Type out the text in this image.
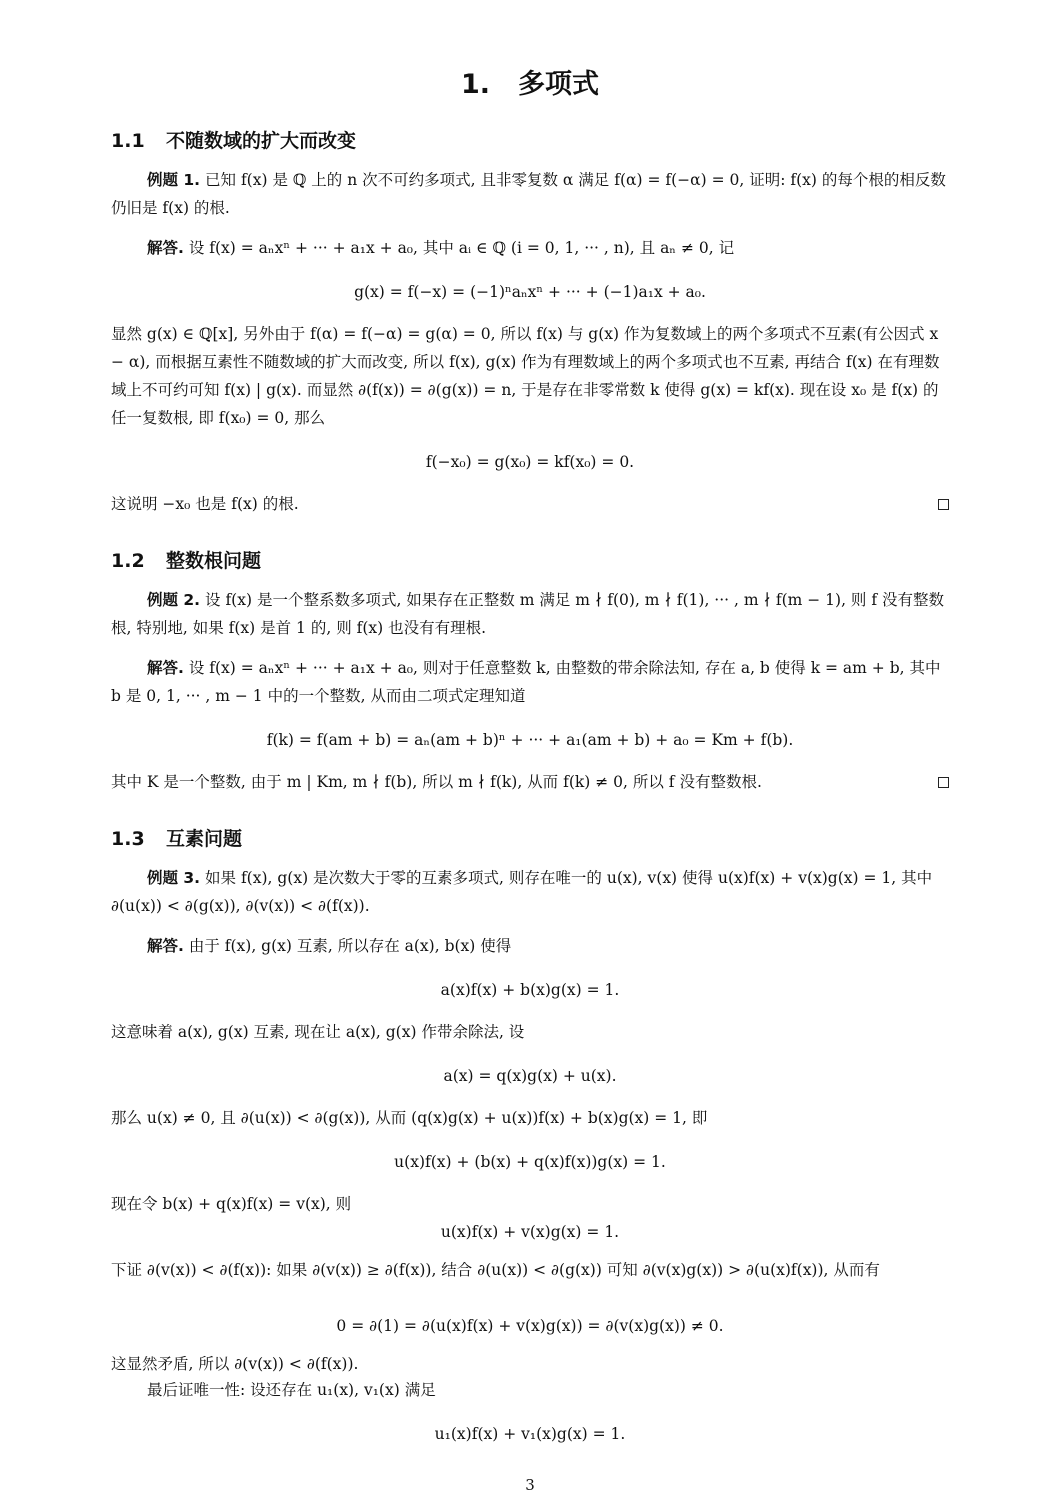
1. 多项式
1.1 不随数域的扩大而改变
例题 1. 已知 f(x) 是 ℚ 上的 n 次不可约多项式, 且非零复数 α 满足 f(α) = f(−α) = 0, 证明: f(x) 的每个根的相反数仍旧是 f(x) 的根.
解答. 设 f(x) = aₙxⁿ + ··· + a₁x + a₀, 其中 aᵢ ∈ ℚ (i = 0, 1, ··· , n), 且 aₙ ≠ 0, 记
g(x) = f(−x) = (−1)ⁿaₙxⁿ + ··· + (−1)a₁x + a₀.
显然 g(x) ∈ ℚ[x], 另外由于 f(α) = f(−α) = g(α) = 0, 所以 f(x) 与 g(x) 作为复数域上的两个多项式不互素(有公因式 x − α), 而根据互素性不随数域的扩大而改变, 所以 f(x), g(x) 作为有理数域上的两个多项式也不互素, 再结合 f(x) 在有理数域上不可约可知 f(x) | g(x). 而显然 ∂(f(x)) = ∂(g(x)) = n, 于是存在非零常数 k 使得 g(x) = kf(x). 现在设 x₀ 是 f(x) 的任一复数根, 即 f(x₀) = 0, 那么
f(−x₀) = g(x₀) = kf(x₀) = 0.
这说明 −x₀ 也是 f(x) 的根.
1.2 整数根问题
例题 2. 设 f(x) 是一个整系数多项式, 如果存在正整数 m 满足 m ∤ f(0), m ∤ f(1), ··· , m ∤ f(m − 1), 则 f 没有整数根, 特别地, 如果 f(x) 是首 1 的, 则 f(x) 也没有有理根.
解答. 设 f(x) = aₙxⁿ + ··· + a₁x + a₀, 则对于任意整数 k, 由整数的带余除法知, 存在 a, b 使得 k = am + b, 其中 b 是 0, 1, ··· , m − 1 中的一个整数, 从而由二项式定理知道
f(k) = f(am + b) = aₙ(am + b)ⁿ + ··· + a₁(am + b) + a₀ = Km + f(b).
其中 K 是一个整数, 由于 m | Km, m ∤ f(b), 所以 m ∤ f(k), 从而 f(k) ≠ 0, 所以 f 没有整数根.
1.3 互素问题
例题 3. 如果 f(x), g(x) 是次数大于零的互素多项式, 则存在唯一的 u(x), v(x) 使得 u(x)f(x) + v(x)g(x) = 1, 其中 ∂(u(x)) < ∂(g(x)), ∂(v(x)) < ∂(f(x)).
解答. 由于 f(x), g(x) 互素, 所以存在 a(x), b(x) 使得
a(x)f(x) + b(x)g(x) = 1.
这意味着 a(x), g(x) 互素, 现在让 a(x), g(x) 作带余除法, 设
a(x) = q(x)g(x) + u(x).
那么 u(x) ≠ 0, 且 ∂(u(x)) < ∂(g(x)), 从而 (q(x)g(x) + u(x))f(x) + b(x)g(x) = 1, 即
u(x)f(x) + (b(x) + q(x)f(x))g(x) = 1.
现在令 b(x) + q(x)f(x) = v(x), 则
u(x)f(x) + v(x)g(x) = 1.
下证 ∂(v(x)) < ∂(f(x)): 如果 ∂(v(x)) ≥ ∂(f(x)), 结合 ∂(u(x)) < ∂(g(x)) 可知 ∂(v(x)g(x)) > ∂(u(x)f(x)), 从而有
0 = ∂(1) = ∂(u(x)f(x) + v(x)g(x)) = ∂(v(x)g(x)) ≠ 0.
这显然矛盾, 所以 ∂(v(x)) < ∂(f(x)).
最后证唯一性: 设还存在 u₁(x), v₁(x) 满足
u₁(x)f(x) + v₁(x)g(x) = 1.
3
